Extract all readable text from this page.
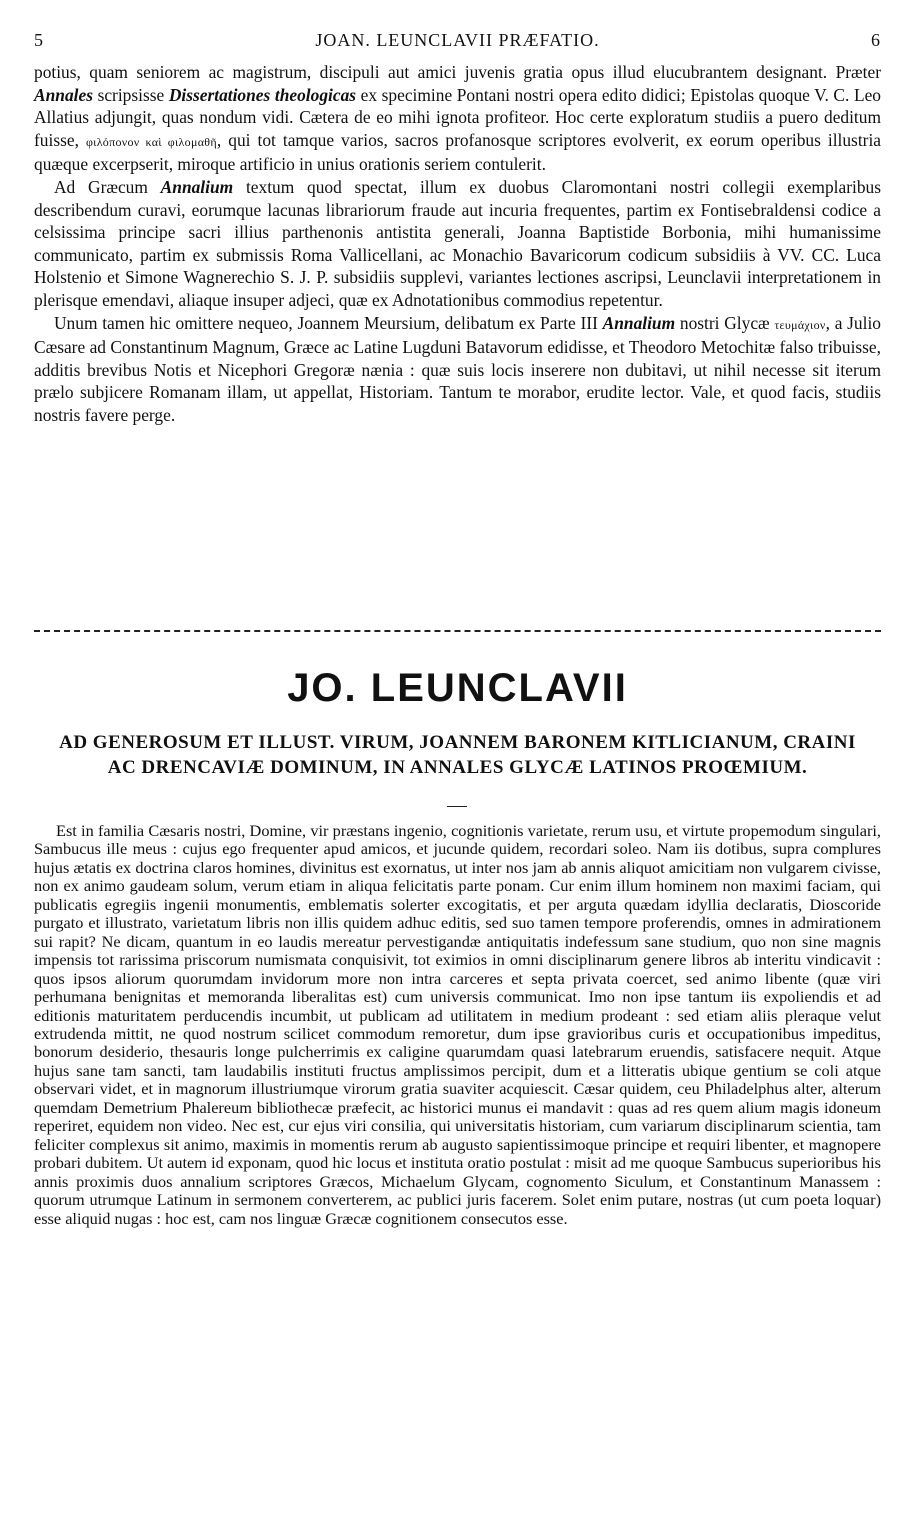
5	JOAN. LEUNCLAVII PRÆFATIO.	6

potius, quam seniorem ac magistrum, discipuli aut amici juvenis gratia opus illud elucubrantem designant. Præter Annales scripsisse Dissertationes theologicas ex specimine Pontani nostri opera edito didici; Epistolas quoque V. C. Leo Allatius adjungit, quas nondum vidi. Cætera de eo mihi ignota profiteor. Hoc certe exploratum studiis a puero deditum fuisse, φιλόπονον καὶ φιλομαθῆ, qui tot tamque varios, sacros profanosque scriptores evolverit, ex eorum operibus illustria quæque excerpserit, miroque artificio in unius orationis seriem contulerit.

Ad Græcum Annalium textum quod spectat, illum ex duobus Claromontani nostri collegii exemplaribus describendum curavi, eorumque lacunas librariorum fraude aut incuria frequentes, partim ex Fontisebraldensi codice a celsissima principe sacri illius parthenonis antistita generali, Joanna Baptistide Borbonia, mihi humanissime communicato, partim ex submissis Roma Vallicellani, ac Monachio Bavaricorum codicum subsidiis à VV. CC. Luca Holstenio et Simone Wagnerechio S. J. P. subsidiis supplevi, variantes lectiones ascripsi, Leunclavii interpretationem in plerisque emendavi, aliaque insuper adjeci, quæ ex Adnotationibus commodius repetentur.

Unum tamen hic omittere nequeo, Joannem Meursium, delibatum ex Parte III Annalium nostri Glycæ τευμάχιον, a Julio Cæsare ad Constantinum Magnum, Græce ac Latine Lugduni Batavorum edidisse, et Theodoro Metochitæ falso tribuisse, additis brevibus Notis et Nicephori Gregoræ nænia : quæ suis locis inserere non dubitavi, ut nihil necesse sit iterum prælo subjicere Romanam illam, ut appellat, Historiam. Tantum te morabor, erudite lector. Vale, et quod facis, studiis nostris favere perge.

JO. LEUNCLAVII
AD GENEROSUM ET ILLUST. VIRUM, JOANNEM BARONEM KITLICIANUM, CRAINI
AC DRENCAVIÆ DOMINUM, IN ANNALES GLYCÆ LATINOS PROŒMIUM.

Est in familia Cæsaris nostri, Domine, vir præstans ingenio, cognitionis varietate, rerum usu, et virtute propemodum singulari, Sambucus ille meus : cujus ego frequenter apud amicos, et jucunde quidem, recordari soleo. Nam iis dotibus, supra complures hujus ætatis ex doctrina claros homines, divinitus est exornatus, ut inter nos jam ab annis aliquot amicitiam non vulgarem civisse, non ex animo gaudeam solum, verum etiam in aliqua felicitatis parte ponam. Cur enim illum hominem non maximi faciam, qui publicatis egregiis ingenii monumentis, emblematis solerter excogitatis, et per arguta quædam idyllia declaratis, Dioscoride purgato et illustrato, varietatum libris non illis quidem adhuc editis, sed suo tamen tempore proferendis, omnes in admirationem sui rapit? Ne dicam, quantum in eo laudis mereatur pervestigandæ antiquitatis indefessum sane studium, quo non sine magnis impensis tot rarissima priscorum numismata conquisivit, tot eximios in omni disciplinarum genere libros ab interitu vindicavit : quos ipsos aliorum quorumdam invidorum more non intra carceres et septa privata coercet, sed animo libente (quæ viri perhumana benignitas et memoranda liberalitas est) cum universis communicat. Imo non ipse tantum iis expoliendis et ad editionis maturitatem perducendis incumbit, ut publicam ad utilitatem in medium prodeant : sed etiam aliis pleraque velut extrudenda mittit, ne quod nostrum scilicet commodum remoretur, dum ipse gravioribus curis et occupationibus impeditus, bonorum desiderio, thesauris longe pulcherrimis ex caligine quarumdam quasi latebrarum eruendis, satisfacere nequit. Atque hujus sane tam sancti, tam laudabilis instituti fructus amplissimos percipit, dum et a litteratis ubique gentium se coli atque observari videt, et in magnorum illustriumque virorum gratia suaviter acquiescit. Cæsar quidem, ceu Philadelphus alter, alterum quemdam Demetrium Phalereum bibliothecæ præfecit, ac historici munus ei mandavit : quas ad res quem alium magis idoneum reperiret, equidem non video. Nec est, cur ejus viri consilia, qui universitatis historiam, cum variarum disciplinarum scientia, tam feliciter complexus sit animo, maximis in momentis rerum ab augusto sapientissimoque principe et requiri libenter, et magnopere probari dubitem. Ut autem id exponam, quod hic locus et instituta oratio postulat : misit ad me quoque Sambucus superioribus his annis proximis duos annalium scriptores Græcos, Michaelum Glycam, cognomento Siculum, et Constantinum Manassem : quorum utrumque Latinum in sermonem converterem, ac publici juris facerem. Solet enim putare, nostras (ut cum poeta loquar) esse aliquid nugas : hoc est, cam nos linguæ Græcæ cognitionem consecutos esse.
